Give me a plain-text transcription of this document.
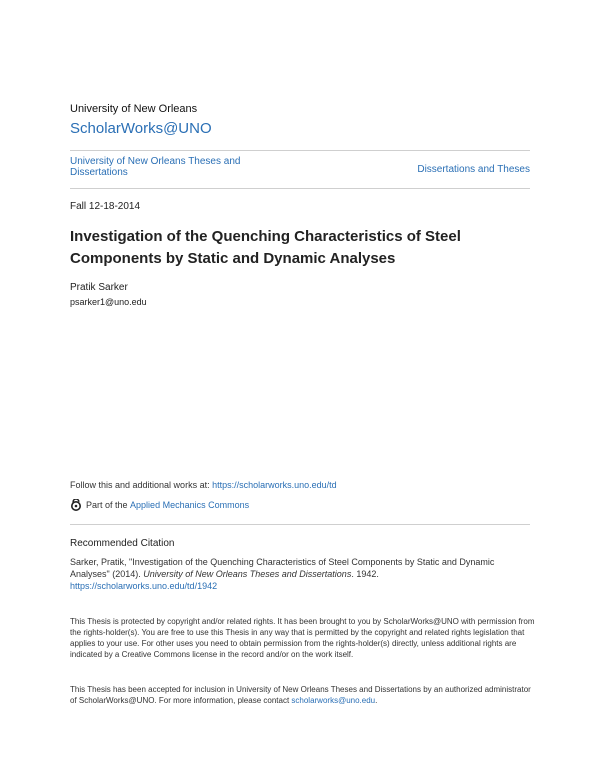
University of New Orleans
ScholarWorks@UNO
University of New Orleans Theses and Dissertations	Dissertations and Theses
Fall 12-18-2014
Investigation of the Quenching Characteristics of Steel Components by Static and Dynamic Analyses
Pratik Sarker
psarker1@uno.edu
Follow this and additional works at: https://scholarworks.uno.edu/td
Part of the
Applied Mechanics Commons
Recommended Citation
Sarker, Pratik, "Investigation of the Quenching Characteristics of Steel Components by Static and Dynamic Analyses" (2014). University of New Orleans Theses and Dissertations. 1942.
https://scholarworks.uno.edu/td/1942
This Thesis is protected by copyright and/or related rights. It has been brought to you by ScholarWorks@UNO with permission from the rights-holder(s). You are free to use this Thesis in any way that is permitted by the copyright and related rights legislation that applies to your use. For other uses you need to obtain permission from the rights-holder(s) directly, unless additional rights are indicated by a Creative Commons license in the record and/or on the work itself.
This Thesis has been accepted for inclusion in University of New Orleans Theses and Dissertations by an authorized administrator of ScholarWorks@UNO. For more information, please contact scholarworks@uno.edu.
